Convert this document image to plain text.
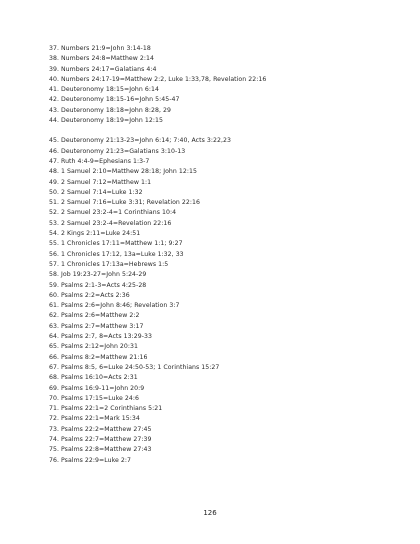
37. Numbers 21:9=John 3:14-18
38. Numbers 24:8=Matthew 2:14
39. Numbers 24:17=Galatians 4:4
40. Numbers 24:17-19=Matthew 2:2, Luke 1:33,78, Revelation 22:16
41. Deuteronomy 18:15=John 6:14
42. Deuteronomy 18:15-16=John 5:45-47
43. Deuteronomy 18:18=John 8:28, 29
44. Deuteronomy 18:19=John 12:15
45. Deuteronomy 21:13-23=John 6:14; 7:40, Acts 3:22,23
46. Deuteronomy 21:23=Galatians 3:10-13
47. Ruth 4:4-9=Ephesians 1:3-7
48. 1 Samuel 2:10=Matthew 28:18; John 12:15
49. 2 Samuel 7:12=Matthew 1:1
50. 2 Samuel 7:14=Luke 1:32
51. 2 Samuel 7:16=Luke 3:31; Revelation 22:16
52. 2 Samuel 23:2-4=1 Corinthians 10:4
53. 2 Samuel 23:2-4=Revelation 22:16
54. 2 Kings 2:11=Luke 24:51
55. 1 Chronicles 17:11=Matthew 1:1; 9:27
56. 1 Chronicles 17:12, 13a=Luke 1:32, 33
57. 1 Chronicles 17:13a=Hebrews 1:5
58. Job 19:23-27=John 5:24-29
59. Psalms 2:1-3=Acts 4:25-28
60. Psalms 2:2=Acts 2:36
61. Psalms 2:6=John 8:46; Revelation 3:7
62. Psalms 2:6=Matthew 2:2
63. Psalms 2:7=Matthew 3:17
64. Psalms 2:7, 8=Acts 13:29-33
65. Psalms 2:12=John 20:31
66. Psalms 8:2=Matthew 21:16
67. Psalms 8:5, 6=Luke 24:50-53; 1 Corinthians 15:27
68. Psalms 16:10=Acts 2:31
69. Psalms 16:9-11=John 20:9
70. Psalms 17:15=Luke 24:6
71. Psalms 22:1=2 Corinthians 5:21
72. Psalms 22:1=Mark 15:34
73. Psalms 22:2=Matthew 27:45
74. Psalms 22:7=Matthew 27:39
75. Psalms 22:8=Matthew 27:43
76. Psalms 22:9=Luke 2:7
126
